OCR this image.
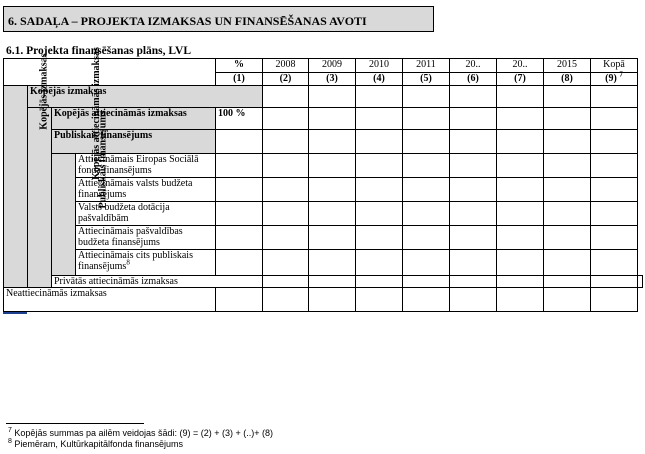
6. SADAĻA – PROJEKTA IZMAKSAS UN FINANSĒŠANAS AVOTI
6.1. Projekta finansēšanas plāns, LVL
				%	2008	2009	2010	2011	20..	20..	2015	Kopā	
				(1)	(2)	(3)	(4)	(5)	(6)	(7)	(8)	(9) $^7$
Kopējās izmaksas	Kopējās izmaksas												
	Kopējās attiecināmās izmaksas	Kopējās attiecināmās izmaksas		100 %									
		Publiskais finansējums											
		Publiskais finansējums	Attiecināmais Eiropas Sociālā fonda finansējums										
			Attiecināmais valsts budžeta finansējums										
			Valsts budžeta dotācija pašvaldībām										
			Attiecināmais pašvaldības budžeta finansējums										
			Attiecināmais cits publiskais finansējums$^8$									
		Privātās attiecināmās izmaksas											
Neattiecināmās izmaksas													
$^7$ Kopējās summas pa ailēm veidojas šādi: (9) = (2) + (3) + (..)+ (8)
$^8$ Piemēram, Kultūrkapitālfonda finansējums
